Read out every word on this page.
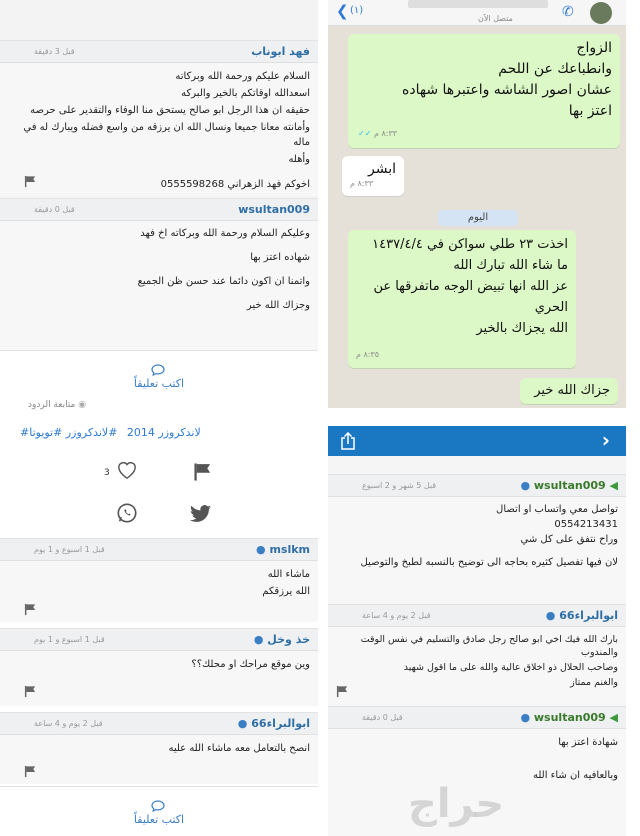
فهد ابوناب
قبل 3 دقيقة

السلام عليكم ورحمة الله وبركاته

اسعدالله اوقاتكم بالخير والبركه

حقيقه ان هذا الرجل ابو صالح يستحق منا الوفاء والتقدير على حرصه

وأمانته معانا جميعا ونسال الله ان يرزقه من واسع فضله ويبارك له في ماله

وأهله

اخوكم فهد الزهراني 0555598268

wsultan009
قبل 0 دقيقة

وعليكم السلام ورحمة الله وبركاته اخ فهد

شهاده اعتز بها

واتمنا ان اكون دائما عند حسن ظن الجميع

وجزاك الله خير

اكتب تعليقاً
❮ (١)	✆
متصل الآن
الزواج
وانطباعك عن اللحم
عشان اصور الشاشه واعتبرها شهاده
اعتز بها
✓✓ ٨:٣٣ م
ابشر
٨:٣٣ م
اليوم
اخذت ٢٣ طلي سواكن في ١٤٣٧/٤/٤
ما شاء الله تبارك الله
عز الله انها تبيض الوجه ماتفرقها عن
الحري
الله يجزاك بالخير
٨:٣٥ م
جزاك الله خير
◉ متابعة الردود
#لاندكروزر 2014 #لاندكروزر #تويوتا
3
● mslkm
قبل 1 اسبوع و 1 يوم

ماشاء الله

الله يرزقكم

● خذ وخل
قبل 1 اسبوع و 1 يوم

وين موقع مراحك او محلك؟؟

● ابوالبراء66
قبل 2 يوم و 4 ساعة

انصح بالتعامل معه ماشاء الله عليه

اكتب تعليقاً
›
● wsultan009 ◀
قبل 5 شهر و 2 اسبوع

تواصل معي واتساب او اتصال

0554213431

وراح نتفق على كل شي

لان فيها تفصيل كثيره بحاجه الى توضيح بالنسبه لطبخ والتوصيل

● ابوالبراء66
قبل 2 يوم و 4 ساعة

بارك الله فيك اخي ابو صالح رجل صادق والتسليم في نفس الوقت والمندوب

وصاحب الحلال ذو اخلاق عالية والله على ما اقول شهيد

والغنم ممتاز

● wsultan009 ◀
قبل 0 دقيقة

شهادة اعتز بها

وبالعافيه ان شاء الله

حراج
